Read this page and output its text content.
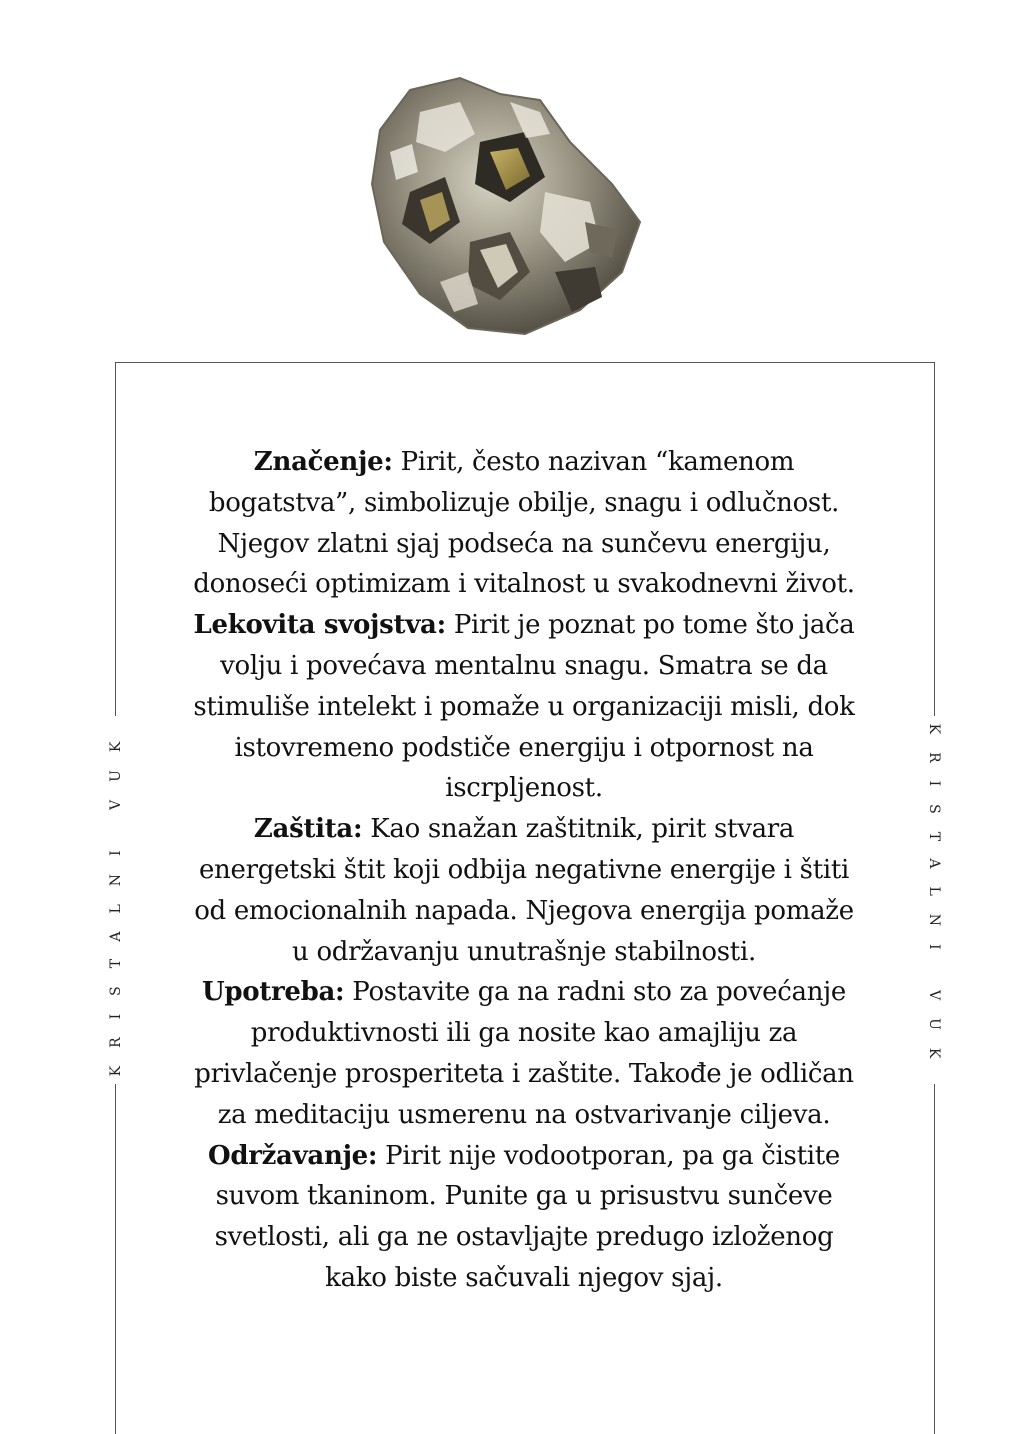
KRISTALNI VUK	KRISTALNI VUK

Značenje: Pirit, često nazivan “kamenom bogatstva”, simbolizuje obilje, snagu i odlučnost. Njegov zlatni sjaj podseća na sunčevu energiju, donoseći optimizam i vitalnost u svakodnevni život.

Lekovita svojstva: Pirit je poznat po tome što jača volju i povećava mentalnu snagu. Smatra se da stimuliše intelekt i pomaže u organizaciji misli, dok istovremeno podstiče energiju i otpornost na iscrpljenost.

Zaštita: Kao snažan zaštitnik, pirit stvara energetski štit koji odbija negativne energije i štiti od emocionalnih napada. Njegova energija pomaže u održavanju unutrašnje stabilnosti.

Upotreba: Postavite ga na radni sto za povećanje produktivnosti ili ga nosite kao amajliju za privlačenje prosperiteta i zaštite. Takođe je odličan za meditaciju usmerenu na ostvarivanje ciljeva.

Održavanje: Pirit nije vodootporan, pa ga čistite suvom tkaninom. Punite ga u prisustvu sunčeve svetlosti, ali ga ne ostavljajte predugo izloženog kako biste sačuvali njegov sjaj.
